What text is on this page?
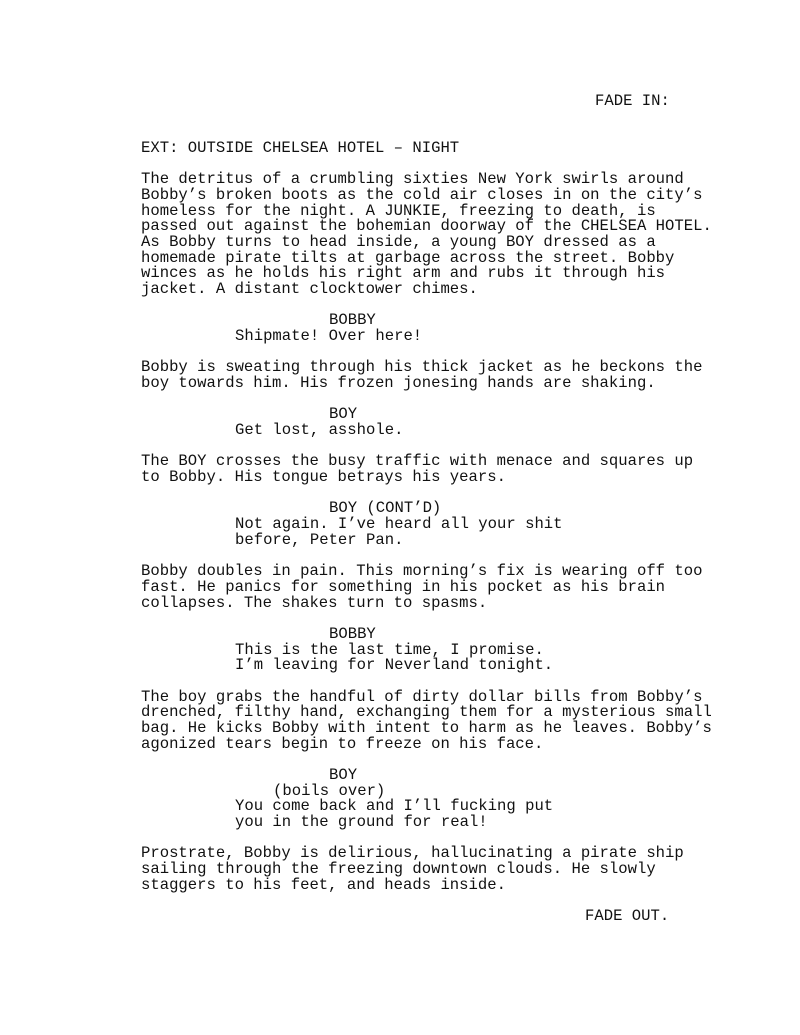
FADE IN:
EXT: OUTSIDE CHELSEA HOTEL – NIGHT
The detritus of a crumbling sixties New York swirls around
Bobby’s broken boots as the cold air closes in on the city’s
homeless for the night. A JUNKIE, freezing to death, is
passed out against the bohemian doorway of the CHELSEA HOTEL.
As Bobby turns to head inside, a young BOY dressed as a
homemade pirate tilts at garbage across the street. Bobby
winces as he holds his right arm and rubs it through his
jacket. A distant clocktower chimes.
BOBBY
Shipmate! Over here!
Bobby is sweating through his thick jacket as he beckons the
boy towards him. His frozen jonesing hands are shaking.
BOY
Get lost, asshole.
The BOY crosses the busy traffic with menace and squares up
to Bobby. His tongue betrays his years.
BOY (CONT’D)
Not again. I’ve heard all your shit
before, Peter Pan.
Bobby doubles in pain. This morning’s fix is wearing off too
fast. He panics for something in his pocket as his brain
collapses. The shakes turn to spasms.
BOBBY
This is the last time, I promise.
I’m leaving for Neverland tonight.
The boy grabs the handful of dirty dollar bills from Bobby’s
drenched, filthy hand, exchanging them for a mysterious small
bag. He kicks Bobby with intent to harm as he leaves. Bobby’s
agonized tears begin to freeze on his face.
BOY
(boils over)
You come back and I’ll fucking put
you in the ground for real!
Prostrate, Bobby is delirious, hallucinating a pirate ship
sailing through the freezing downtown clouds. He slowly
staggers to his feet, and heads inside.
FADE OUT.
